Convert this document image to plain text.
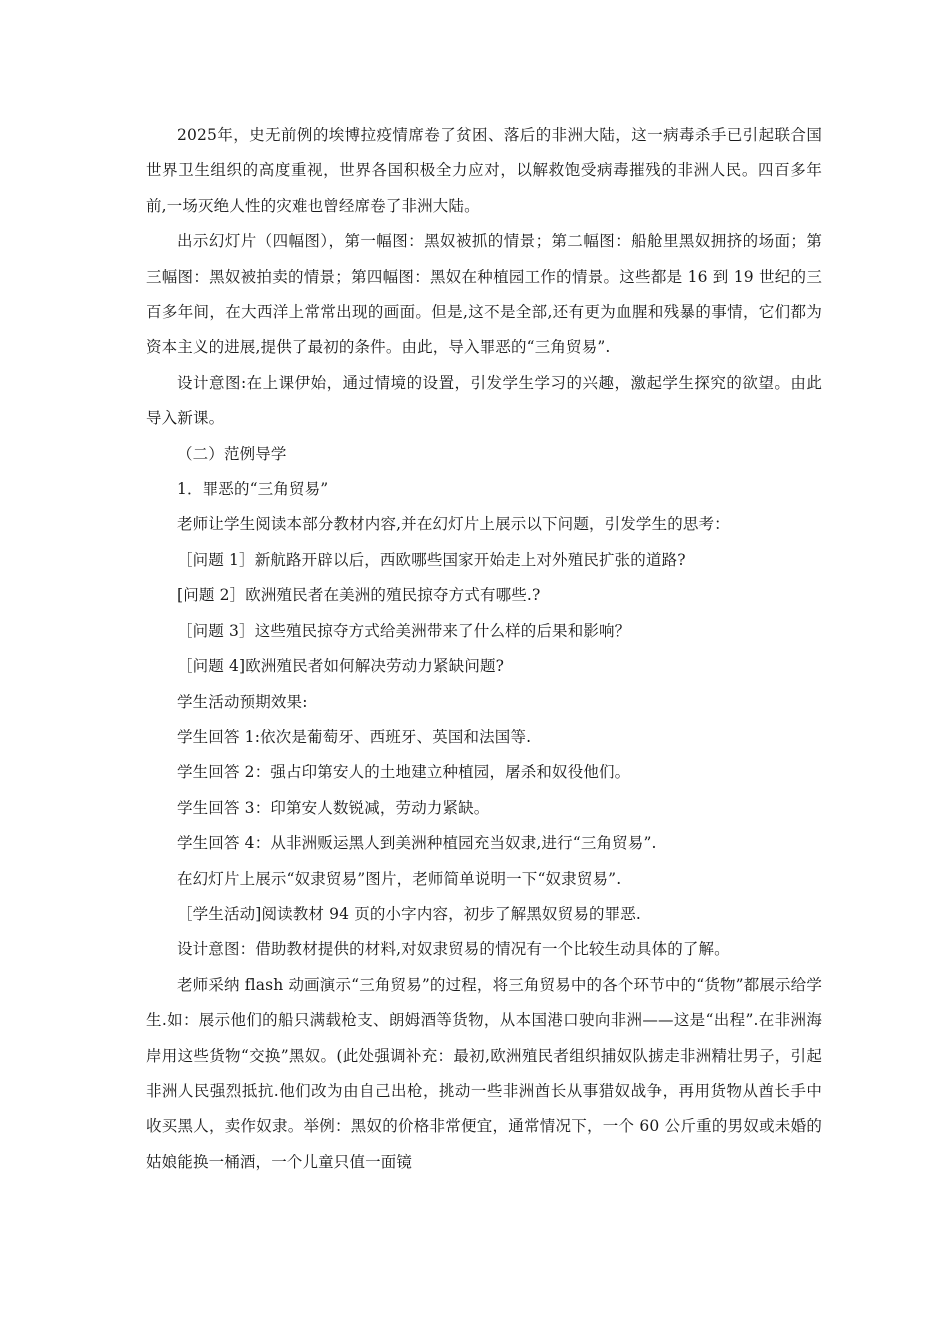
2025年，史无前例的埃博拉疫情席卷了贫困、落后的非洲大陆，这一病毒杀手已引起联合国世界卫生组织的高度重视，世界各国积极全力应对，以解救饱受病毒摧残的非洲人民。四百多年前,一场灭绝人性的灾难也曾经席卷了非洲大陆。

出示幻灯片（四幅图），第一幅图：黑奴被抓的情景；第二幅图：船舱里黑奴拥挤的场面；第三幅图：黑奴被拍卖的情景；第四幅图：黑奴在种植园工作的情景。这些都是 16 到 19 世纪的三百多年间，在大西洋上常常出现的画面。但是,这不是全部,还有更为血腥和残暴的事情，它们都为资本主义的进展,提供了最初的条件。由此，导入罪恶的“三角贸易”.

设计意图:在上课伊始，通过情境的设置，引发学生学习的兴趣，激起学生探究的欲望。由此导入新课。

（二）范例导学

1．罪恶的“三角贸易”

老师让学生阅读本部分教材内容,并在幻灯片上展示以下问题，引发学生的思考：

［问题 1］新航路开辟以后，西欧哪些国家开始走上对外殖民扩张的道路?

[问题 2］欧洲殖民者在美洲的殖民掠夺方式有哪些.?

［问题 3］这些殖民掠夺方式给美洲带来了什么样的后果和影响？

［问题 4]欧洲殖民者如何解决劳动力紧缺问题?

学生活动预期效果:

学生回答 1:依次是葡萄牙、西班牙、英国和法国等.

学生回答 2：强占印第安人的土地建立种植园，屠杀和奴役他们。

学生回答 3：印第安人数锐减，劳动力紧缺。

学生回答 4：从非洲贩运黑人到美洲种植园充当奴隶,进行“三角贸易”.

在幻灯片上展示“奴隶贸易”图片，老师简单说明一下“奴隶贸易”.

［学生活动]阅读教材 94 页的小字内容，初步了解黑奴贸易的罪恶.

设计意图：借助教材提供的材料,对奴隶贸易的情况有一个比较生动具体的了解。

老师采纳 flash 动画演示“三角贸易”的过程，将三角贸易中的各个环节中的“货物”都展示给学生.如：展示他们的船只满载枪支、朗姆酒等货物，从本国港口驶向非洲——这是“出程”.在非洲海岸用这些货物“交换”黑奴。(此处强调补充：最初,欧洲殖民者组织捕奴队掳走非洲精壮男子，引起非洲人民强烈抵抗.他们改为由自己出枪，挑动一些非洲酋长从事猎奴战争，再用货物从酋长手中收买黑人，卖作奴隶。举例：黑奴的价格非常便宜，通常情况下，一个 60 公斤重的男奴或未婚的姑娘能换一桶酒，一个儿童只值一面镜
